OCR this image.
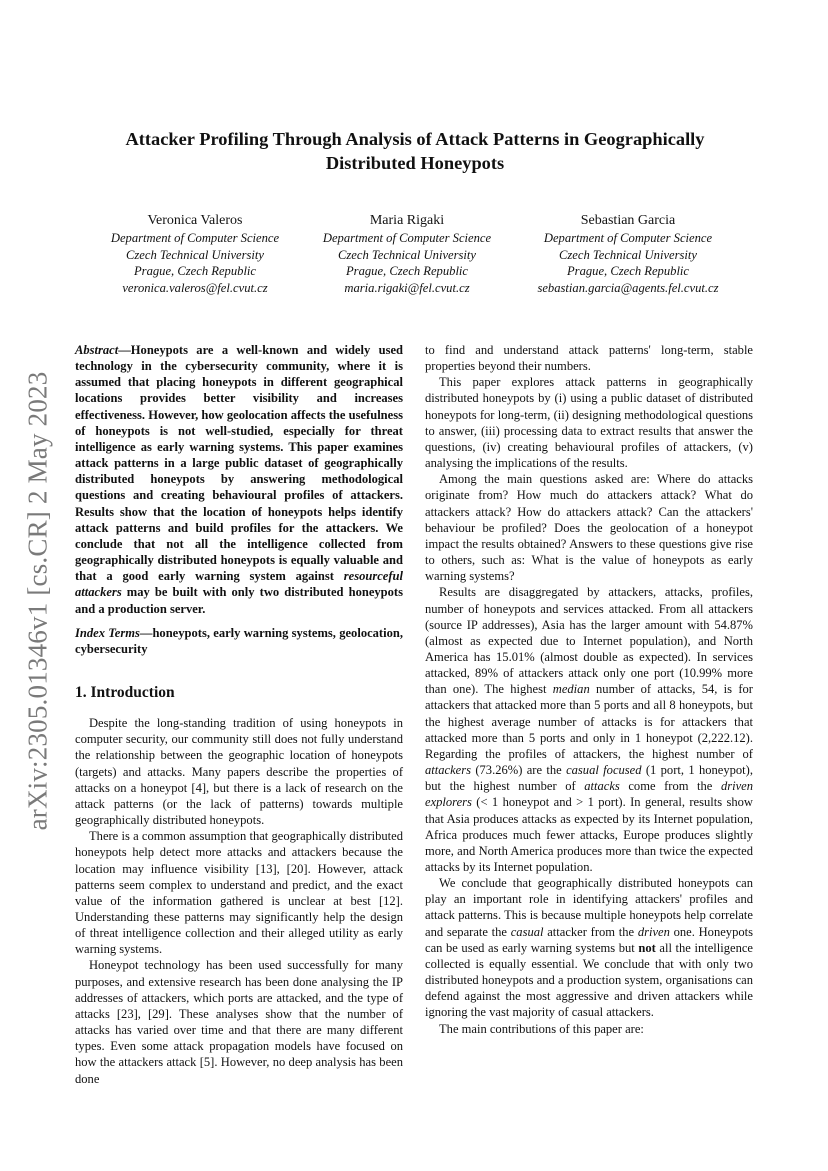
arXiv:2305.01346v1 [cs.CR] 2 May 2023
Attacker Profiling Through Analysis of Attack Patterns in Geographically Distributed Honeypots
Veronica Valeros
Department of Computer Science
Czech Technical University
Prague, Czech Republic
veronica.valeros@fel.cvut.cz
Maria Rigaki
Department of Computer Science
Czech Technical University
Prague, Czech Republic
maria.rigaki@fel.cvut.cz
Sebastian Garcia
Department of Computer Science
Czech Technical University
Prague, Czech Republic
sebastian.garcia@agents.fel.cvut.cz

Abstract—Honeypots are a well-known and widely used technology in the cybersecurity community, where it is assumed that placing honeypots in different geographical locations provides better visibility and increases effectiveness. However, how geolocation affects the usefulness of honeypots is not well-studied, especially for threat intelligence as early warning systems. This paper examines attack patterns in a large public dataset of geographically distributed honeypots by answering methodological questions and creating behavioural profiles of attackers. Results show that the location of honeypots helps identify attack patterns and build profiles for the attackers. We conclude that not all the intelligence collected from geographically distributed honeypots is equally valuable and that a good early warning system against resourceful attackers may be built with only two distributed honeypots and a production server.

Index Terms—honeypots, early warning systems, geolocation, cybersecurity

1. Introduction

Despite the long-standing tradition of using honeypots in computer security, our community still does not fully understand the relationship between the geographic location of honeypots (targets) and attacks. Many papers describe the properties of attacks on a honeypot [4], but there is a lack of research on the attack patterns (or the lack of patterns) towards multiple geographically distributed honeypots.

There is a common assumption that geographically distributed honeypots help detect more attacks and attackers because the location may influence visibility [13], [20]. However, attack patterns seem complex to understand and predict, and the exact value of the information gathered is unclear at best [12]. Understanding these patterns may significantly help the design of threat intelligence collection and their alleged utility as early warning systems.

Honeypot technology has been used successfully for many purposes, and extensive research has been done analysing the IP addresses of attackers, which ports are attacked, and the type of attacks [23], [29]. These analyses show that the number of attacks has varied over time and that there are many different types. Even some attack propagation models have focused on how the attackers attack [5]. However, no deep analysis has been done

to find and understand attack patterns' long-term, stable properties beyond their numbers.

This paper explores attack patterns in geographically distributed honeypots by (i) using a public dataset of distributed honeypots for long-term, (ii) designing methodological questions to answer, (iii) processing data to extract results that answer the questions, (iv) creating behavioural profiles of attackers, (v) analysing the implications of the results.

Among the main questions asked are: Where do attacks originate from? How much do attackers attack? What do attackers attack? How do attackers attack? Can the attackers' behaviour be profiled? Does the geolocation of a honeypot impact the results obtained? Answers to these questions give rise to others, such as: What is the value of honeypots as early warning systems?

Results are disaggregated by attackers, attacks, profiles, number of honeypots and services attacked. From all attackers (source IP addresses), Asia has the larger amount with 54.87% (almost as expected due to Internet population), and North America has 15.01% (almost double as expected). In services attacked, 89% of attackers attack only one port (10.99% more than one). The highest median number of attacks, 54, is for attackers that attacked more than 5 ports and all 8 honeypots, but the highest average number of attacks is for attackers that attacked more than 5 ports and only in 1 honeypot (2,222.12). Regarding the profiles of attackers, the highest number of attackers (73.26%) are the casual focused (1 port, 1 honeypot), but the highest number of attacks come from the driven explorers (< 1 honeypot and > 1 port). In general, results show that Asia produces attacks as expected by its Internet population, Africa produces much fewer attacks, Europe produces slightly more, and North America produces more than twice the expected attacks by its Internet population.

We conclude that geographically distributed honeypots can play an important role in identifying attackers' profiles and attack patterns. This is because multiple honeypots help correlate and separate the casual attacker from the driven one. Honeypots can be used as early warning systems but not all the intelligence collected is equally essential. We conclude that with only two distributed honeypots and a production system, organisations can defend against the most aggressive and driven attackers while ignoring the vast majority of casual attackers.

The main contributions of this paper are:
